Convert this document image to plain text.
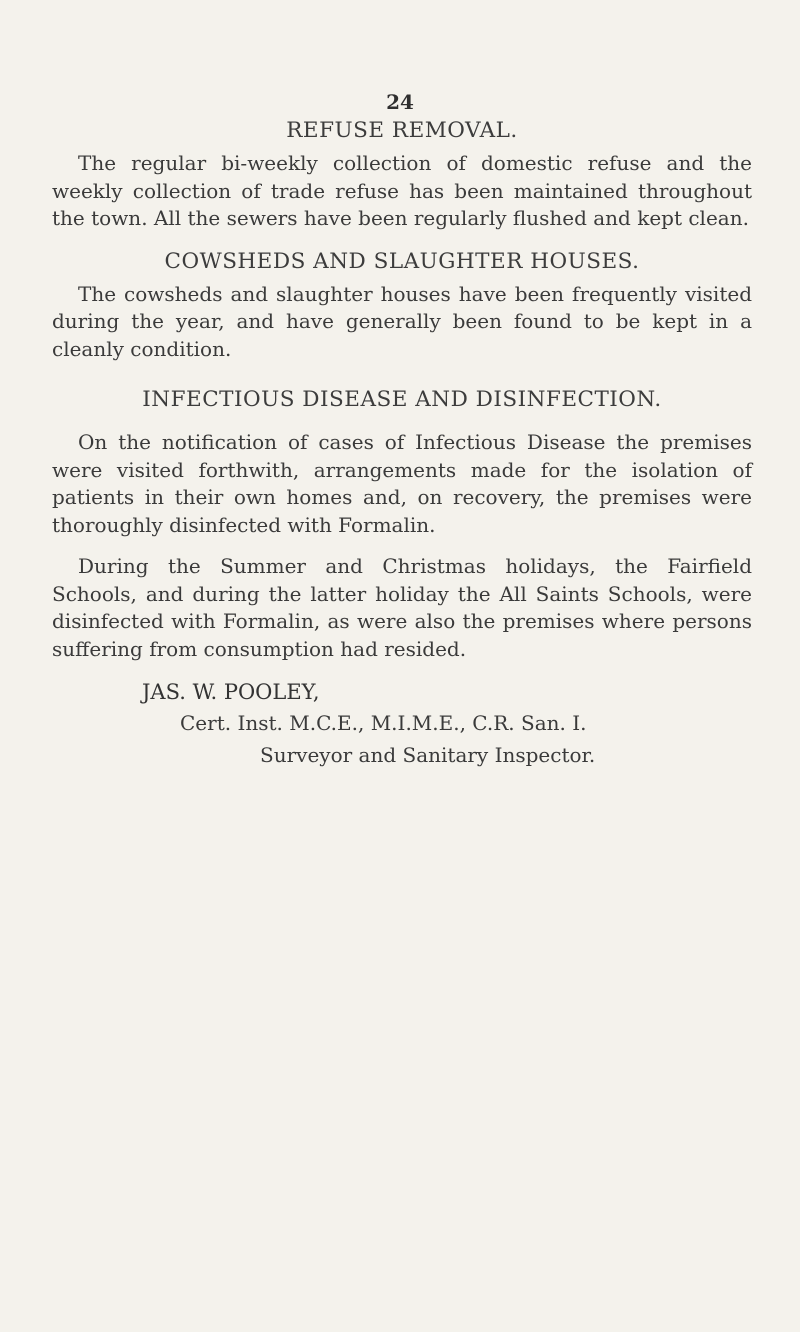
24
REFUSE REMOVAL.

The regular bi-weekly collection of domestic refuse and the weekly collection of trade refuse has been maintained throughout the town. All the sewers have been regularly flushed and kept clean.

COWSHEDS AND SLAUGHTER HOUSES.

The cowsheds and slaughter houses have been frequently visited during the year, and have generally been found to be kept in a cleanly condition.

INFECTIOUS DISEASE AND DISINFECTION.

On the notification of cases of Infectious Disease the premises were visited forthwith, arrangements made for the isolation of patients in their own homes and, on recovery, the premises were thoroughly disinfected with Formalin.

During the Summer and Christmas holidays, the Fairfield Schools, and during the latter holiday the All Saints Schools, were disinfected with Formalin, as were also the premises where persons suffering from consumption had resided.

JAS. W. POOLEY,

Cert. Inst. M.C.E., M.I.M.E., C.R. San. I.

Surveyor and Sanitary Inspector.
